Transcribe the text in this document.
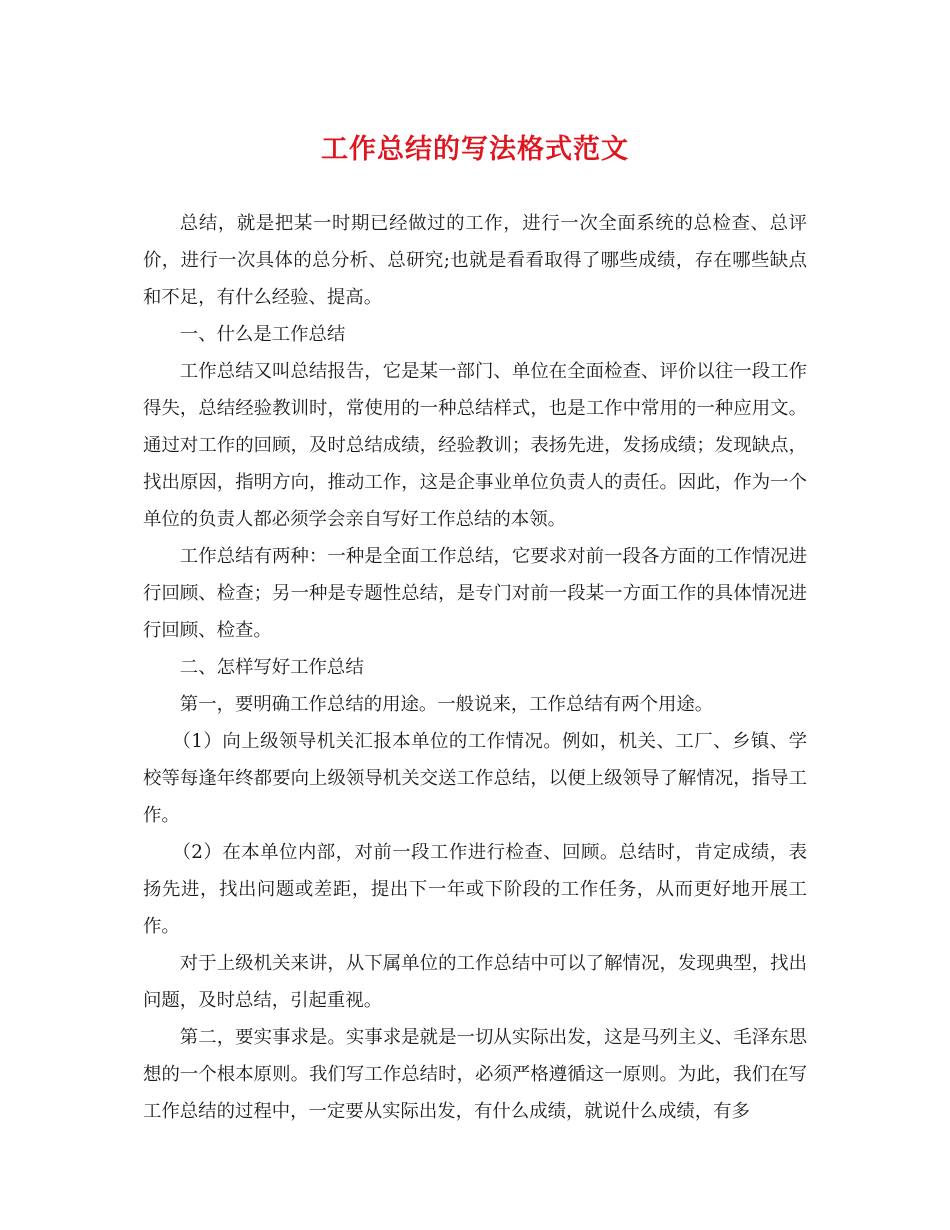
工作总结的写法格式范文

总结，就是把某一时期已经做过的工作，进行一次全面系统的总检查、总评价，进行一次具体的总分析、总研究;也就是看看取得了哪些成绩，存在哪些缺点和不足，有什么经验、提高。

一、什么是工作总结

工作总结又叫总结报告，它是某一部门、单位在全面检查、评价以往一段工作得失，总结经验教训时，常使用的一种总结样式，也是工作中常用的一种应用文。通过对工作的回顾，及时总结成绩，经验教训；表扬先进，发扬成绩；发现缺点，找出原因，指明方向，推动工作，这是企事业单位负责人的责任。因此，作为一个单位的负责人都必须学会亲自写好工作总结的本领。

工作总结有两种：一种是全面工作总结，它要求对前一段各方面的工作情况进行回顾、检查；另一种是专题性总结，是专门对前一段某一方面工作的具体情况进行回顾、检查。

二、怎样写好工作总结

第一，要明确工作总结的用途。一般说来，工作总结有两个用途。

（1）向上级领导机关汇报本单位的工作情况。例如，机关、工厂、乡镇、学校等每逢年终都要向上级领导机关交送工作总结，以便上级领导了解情况，指导工作。

（2）在本单位内部，对前一段工作进行检查、回顾。总结时，肯定成绩，表扬先进，找出问题或差距，提出下一年或下阶段的工作任务，从而更好地开展工作。

对于上级机关来讲，从下属单位的工作总结中可以了解情况，发现典型，找出问题，及时总结，引起重视。

第二，要实事求是。实事求是就是一切从实际出发，这是马列主义、毛泽东思想的一个根本原则。我们写工作总结时，必须严格遵循这一原则。为此，我们在写工作总结的过程中，一定要从实际出发，有什么成绩，就说什么成绩，有多
